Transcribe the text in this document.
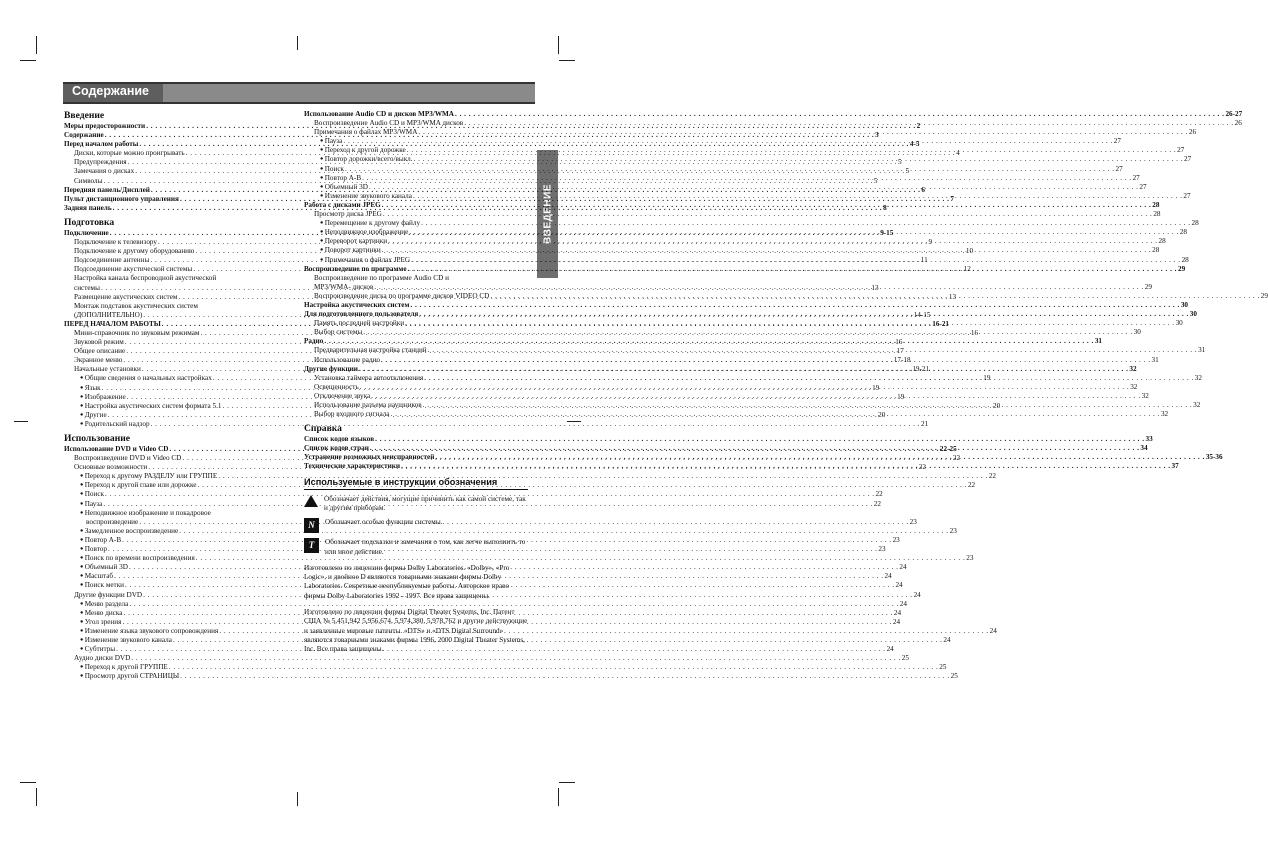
Содержание
ВВЕДЕНИЕ
Введение
Меры предосторожности . . .	2
Содержание . . .	3
Перед началом работы . . .	4-5
Диски, которые можно проигрывать . . .	4
Предупреждения . . .	5
Замечания о дисках . . .	5
Символы . . .	5
Передняя панель/Дисплей . . .	6
Пульт дистанционного управления . . .	7
Задняя панель . . .	8
Подготовка
Подключение . . .	9-15
Подключение к телевизору . . .	9
Подключение к другому оборудованию . . .	10
Подсоединение антенны . . .	11
Подсоединение акустической системы . . .	12
Настройка канала беспроводной акустической
системы . . .	13
Размещение акустических систем . . .	13
Монтаж подставок акустических систем
(ДОПОЛНИТЕЛЬНО) . . .	14-15
ПЕРЕД НАЧАЛОМ РАБОТЫ . . .	16-21
Мини-справочник по звуковым режимам . . .	16
Звуковой режим . . .	16
Общее описание . . .	17
Экранное меню . . .	17-18
Начальные установки . . .	19-21
● Общие сведения о начальных настройках . . .	19
● Язык . . .	19
● Изображение . . .	19
● Настройка акустических систем формата 5.1 . . .	20
● Другие . . .	20
● Родительский надзор . . .	21
Использование
Использование DVD и Video CD . . .	22-25
Воспроизведение DVD и Video CD . . .	22
Основные возможности . . .	22
● Переход к другому РАЗДЕЛУ или ГРУППЕ . . .	22
● Переход к другой главе или дорожке . . .	22
● Поиск . . .	22
● Пауза . . .	22
● Неподвижное изображение и покадровое
воспроизведение . . .	23
● Замедленное воспроизведение . . .	23
● Повтор A-B . . .	23
● Повтор . . .	23
● Поиск по времени воспроизведения . . .	23
● Объемный 3D . . .	24
● Масштаб . . .	24
● Поиск метки . . .	24
Другие функции DVD . . .	24
● Меню раздела . . .	24
● Меню диска . . .	24
● Угол зрения . . .	24
● Изменение языка звукового сопровождения . . .	24
● Изменение звукового канала . . .	24
● Субтитры . . .	24
Аудио диски DVD . . .	25
● Переход к другой ГРУППЕ . . .	25
● Просмотр другой СТРАНИЦЫ . . .	25
Использование Audio CD и дисков MP3/WMA . . .	26-27
Воспроизведение Audio CD и MP3/WMA дисков . . .	26
Примечания о файлах MP3/WMA . . .	26
● Пауза . . .	27
● Переход к другой дорожке . . .	27
● Повтор дорожки/всего/выкл. . . .	27
● Поиск . . .	27
● Повтор A-B . . .	27
● Объемный 3D . . .	27
● Изменение звукового канала . . .	27
Работа с дисками JPEG . . .	28
Просмотр диска JPEG . . .	28
● Перемещение к другому файлу . . .	28
● Неподвижное изображение . . .	28
● Переворот картинки . . .	28
● Поворот картинки . . .	28
● Примечания о файлах JPEG . . .	28
Воспроизведение по программе . . .	29
Воспроизведение по программе Audio CD и
MP3/WMA- дисков . . .	29
Воспроизведение диска по программе дисков VIDEO CD . . .	29
Настройка акустических систем . . .	30
Для подготовленного пользователя . . .	30
Память последней настройки . . .	30
Выбор системы . . .	30
Радио . . .	31
Предварительная настройка станций . . .	31
Использование радио . . .	31
Другие функции . . .	32
Установка таймера автоотключения . . .	32
Освещенность . . .	32
Отключение звука . . .	32
Использование разъема наушников . . .	32
Выбор входного сигнала . . .	32
Справка
Список кодов языков . . .	33
Список кодов стран . . .	34
Устранение возможных неисправностей . . .	35-36
Технические характеристики . . .	37
Используемые в инструкции обозначения
Обозначает действия, могущие причинить как самой системе, так и другим приборам.
N	Обозначает особые функции системы.
T	Обозначает подсказки и замечания о том, как легче выполнить то или иное действие.
Изготовлено по лицензии фирмы Dolby Laboratories. «Dolby», «Pro Logic», и двойное D являются товарными знаками фирмы Dolby Laboratories. Секретные неопубликуемые работы. Авторское право фирмы Dolby Laboratories 1992 - 1997. Все права защищены.
Изготовлено по лицензии фирмы Digital Theater Systems, Inc. Патент США № 5,451,942 5,956,674, 5,974,380, 5,978,762 и другие действующие и заявленные мировые патенты. «DTS» и «DTS Digital Surround» являются товарными знаками фирмы 1996, 2000 Digital Theater Systems, Inc. Все права защищены.
